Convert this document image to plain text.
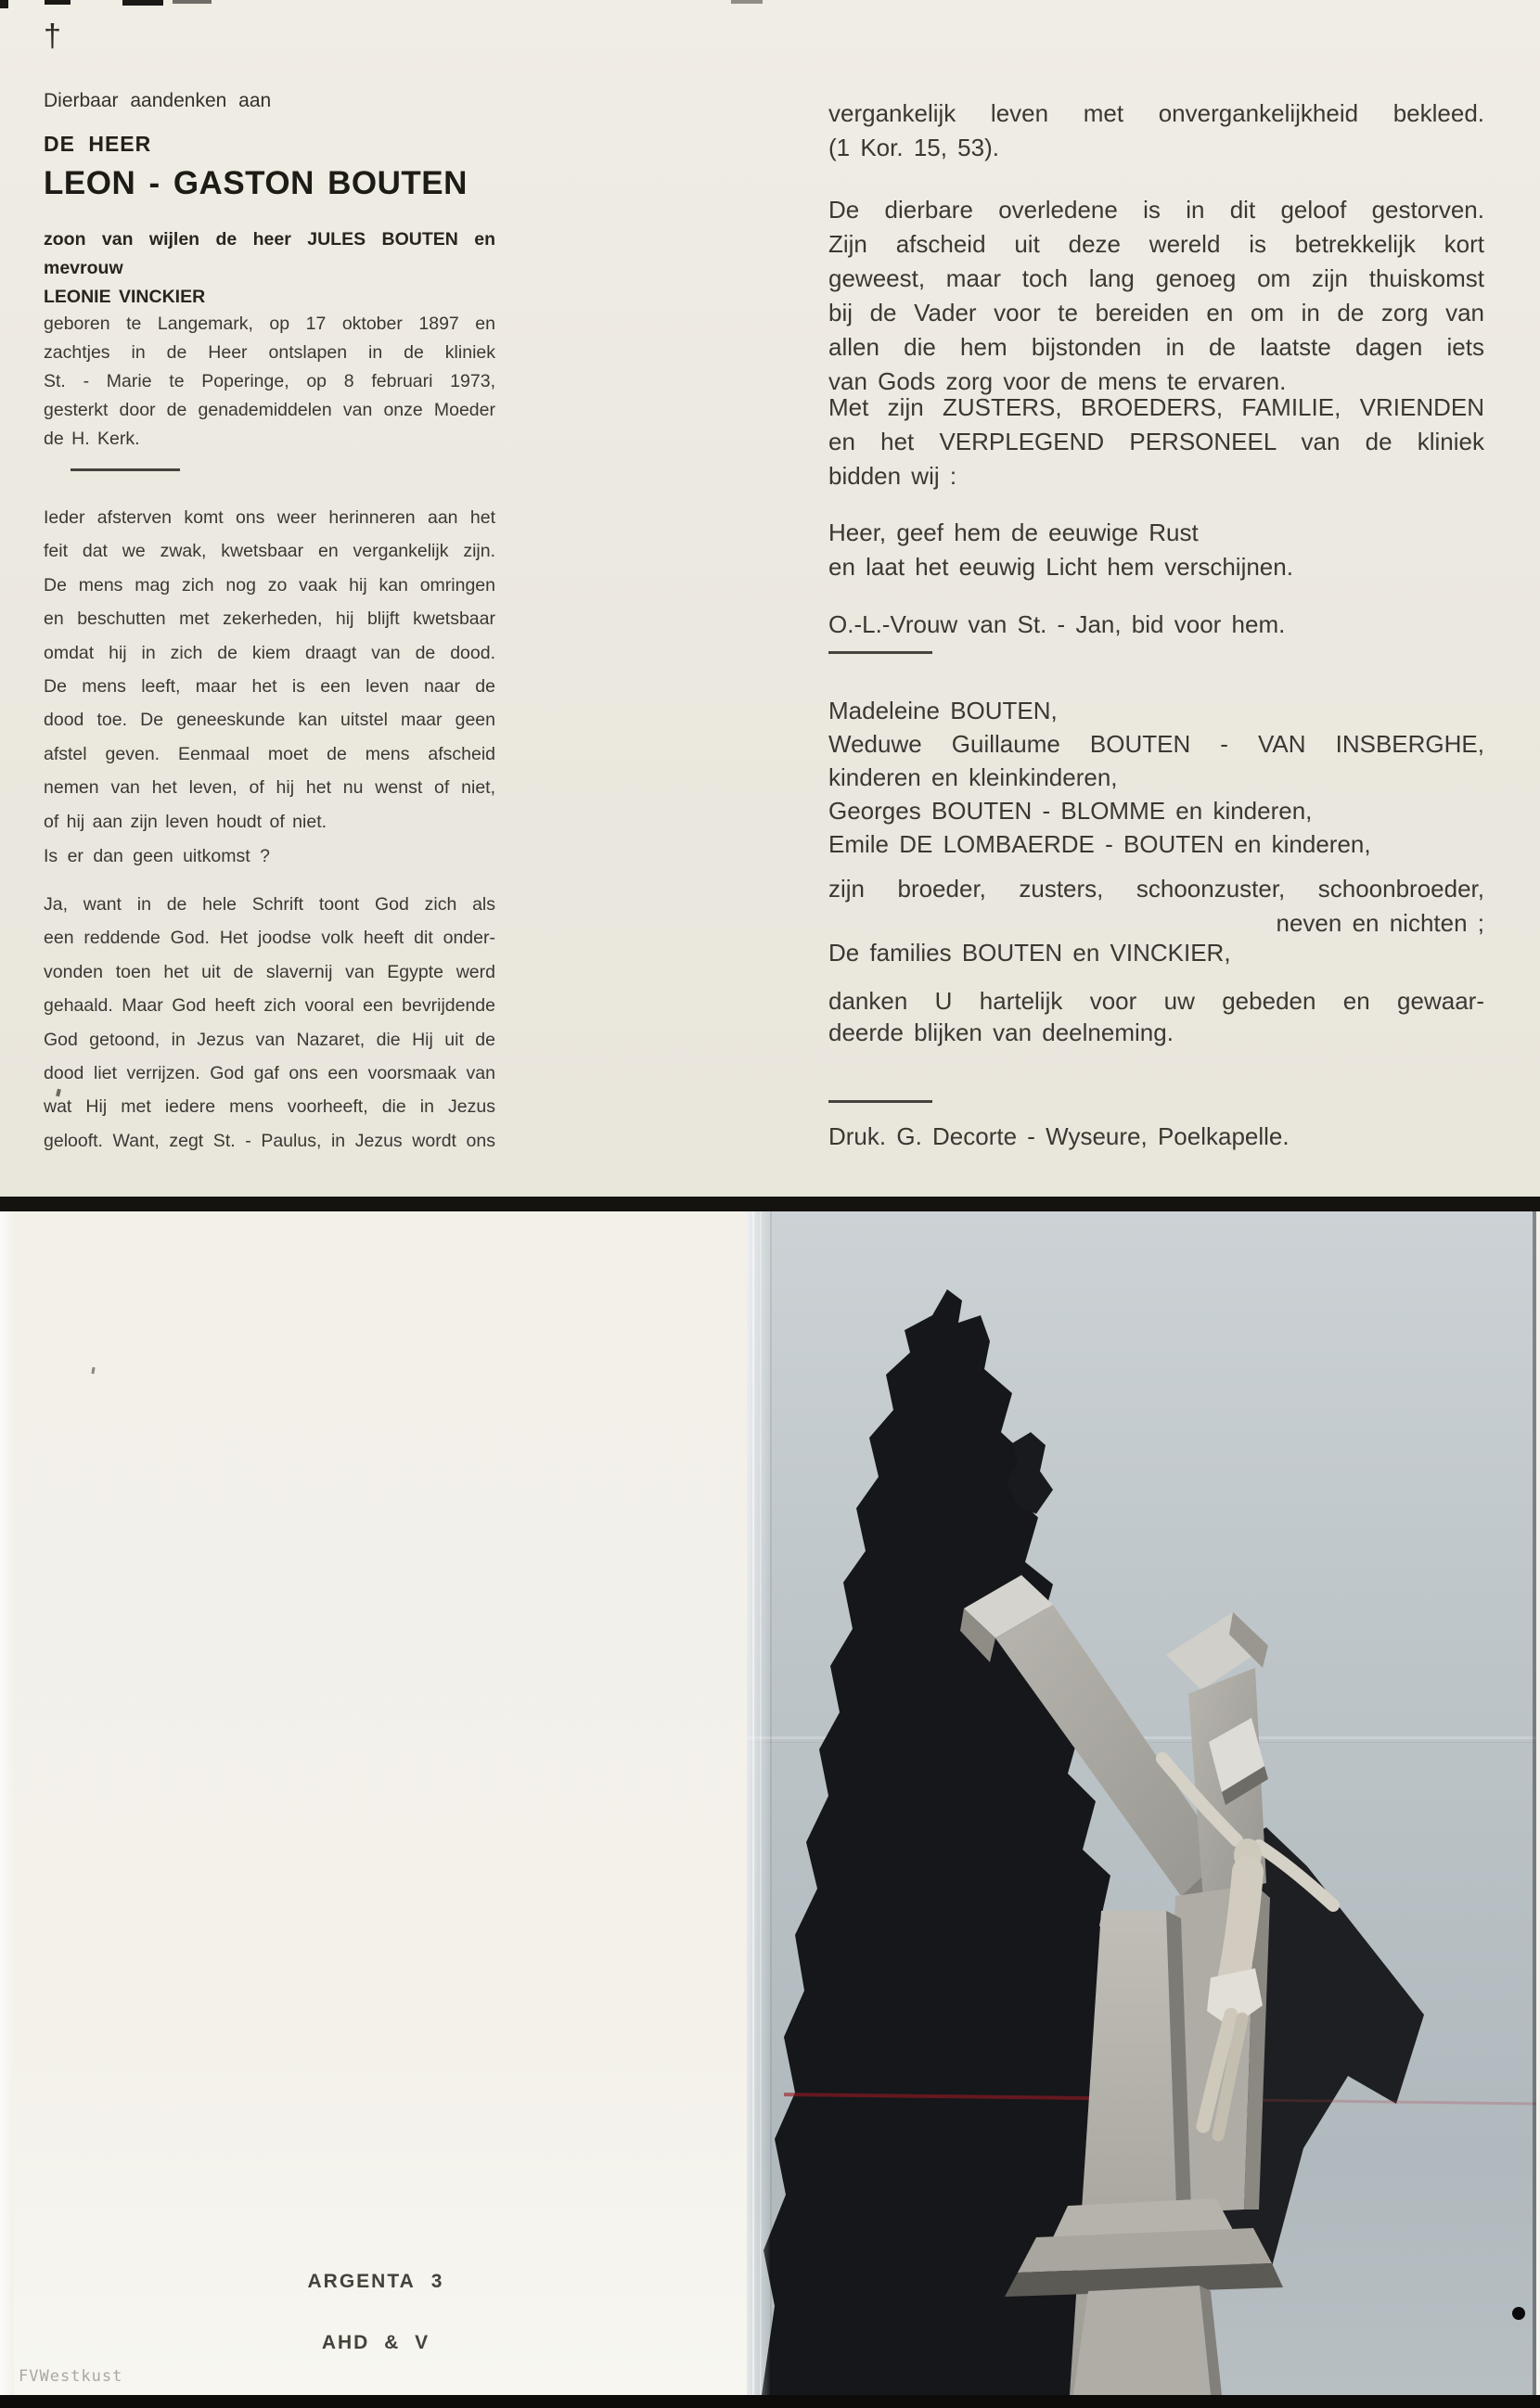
†
Dierbaar aandenken aan
DE HEER
LEON - GASTON BOUTEN
zoon van wijlen de heer JULES BOUTEN en mevrouw
LEONIE VINCKIER
geboren te Langemark, op 17 oktober 1897 en
zachtjes in de Heer ontslapen in de kliniek
St. - Marie te Poperinge, op 8 februari 1973,
gesterkt door de genademiddelen van onze Moeder
de H. Kerk.
Ieder afsterven komt ons weer herinneren aan het
feit dat we zwak, kwetsbaar en vergankelijk zijn.
De mens mag zich nog zo vaak hij kan omringen
en beschutten met zekerheden, hij blijft kwetsbaar
omdat hij in zich de kiem draagt van de dood.
De mens leeft, maar het is een leven naar de
dood toe. De geneeskunde kan uitstel maar geen
afstel geven. Eenmaal moet de mens afscheid
nemen van het leven, of hij het nu wenst of niet,
of hij aan zijn leven houdt of niet.
Is er dan geen uitkomst ?
Ja, want in de hele Schrift toont God zich als
een reddende God. Het joodse volk heeft dit onder-
vonden toen het uit de slavernij van Egypte werd
gehaald. Maar God heeft zich vooral een bevrijdende
God getoond, in Jezus van Nazaret, die Hij uit de
dood liet verrijzen. God gaf ons een voorsmaak van
wat Hij met iedere mens voorheeft, die in Jezus
gelooft. Want, zegt St. - Paulus, in Jezus wordt ons
vergankelijk leven met onvergankelijkheid bekleed.
(1 Kor. 15, 53).
De dierbare overledene is in dit geloof gestorven.
Zijn afscheid uit deze wereld is betrekkelijk kort
geweest, maar toch lang genoeg om zijn thuiskomst
bij de Vader voor te bereiden en om in de zorg van
allen die hem bijstonden in de laatste dagen iets
van Gods zorg voor de mens te ervaren.
Met zijn ZUSTERS, BROEDERS, FAMILIE, VRIENDEN
en het VERPLEGEND PERSONEEL van de kliniek
bidden wij :
Heer, geef hem de eeuwige Rust
en laat het eeuwig Licht hem verschijnen.
O.-L.-Vrouw van St. - Jan, bid voor hem.
Madeleine BOUTEN,
Weduwe Guillaume BOUTEN - VAN INSBERGHE,
kinderen en kleinkinderen,
Georges BOUTEN - BLOMME en kinderen,
Emile DE LOMBAERDE - BOUTEN en kinderen,
zijn broeder, zusters, schoonzuster, schoonbroeder,
neven en nichten ;
De families BOUTEN en VINCKIER,
danken U hartelijk voor uw gebeden en gewaar-
deerde blijken van deelneming.
Druk. G. Decorte - Wyseure, Poelkapelle.
ARGENTA 3
AHD & V
FVWestkust
